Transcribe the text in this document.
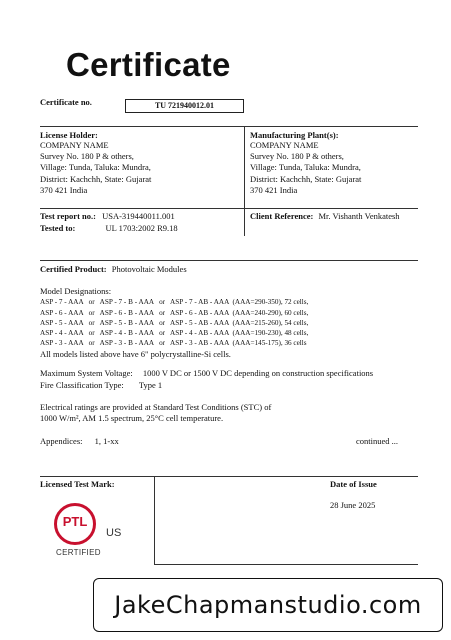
Certificate
Certificate no.	TU 721940012.01
License Holder:
COMPANY NAME
Survey No. 180 P & others,
Village: Tunda, Taluka: Mundra,
District: Kachchh, State: Gujarat
370 421 India
Manufacturing Plant(s):
COMPANY NAME
Survey No. 180 P & others,
Village: Tunda, Taluka: Mundra,
District: Kachchh, State: Gujarat
370 421 India
Test report no.: USA-319440011.001
Tested to:	UL 1703:2002 R9.18
Client Reference: Mr. Vishanth Venkatesh
Certified Product: Photovoltaic Modules
Model Designations:
ASP - 7 - AAA   or   ASP - 7 - B - AAA   or   ASP - 7 - AB - AAA  (AAA=290-350), 72 cells,
ASP - 6 - AAA   or   ASP - 6 - B - AAA   or   ASP - 6 - AB - AAA  (AAA=240-290), 60 cells,
ASP - 5 - AAA   or   ASP - 5 - B - AAA   or   ASP - 5 - AB - AAA  (AAA=215-260), 54 cells,
ASP - 4 - AAA   or   ASP - 4 - B - AAA   or   ASP - 4 - AB - AAA  (AAA=190-230), 48 cells,
ASP - 3 - AAA   or   ASP - 3 - B - AAA   or   ASP - 3 - AB - AAA  (AAA=145-175), 36 cells
All models listed above have 6" polycrystalline-Si cells.
Maximum System Voltage: 1000 V DC or 1500 V DC depending on construction specifications
Fire Classification Type: Type 1
Electrical ratings are provided at Standard Test Conditions (STC) of
1000 W/m², AM 1.5 spectrum, 25°C cell temperature.
Appendices: 1, 1-xx	continued ...
Licensed Test Mark:
PTL
US
CERTIFIED
Date of Issue
28 June 2025
JakeChapmanstudio.com
